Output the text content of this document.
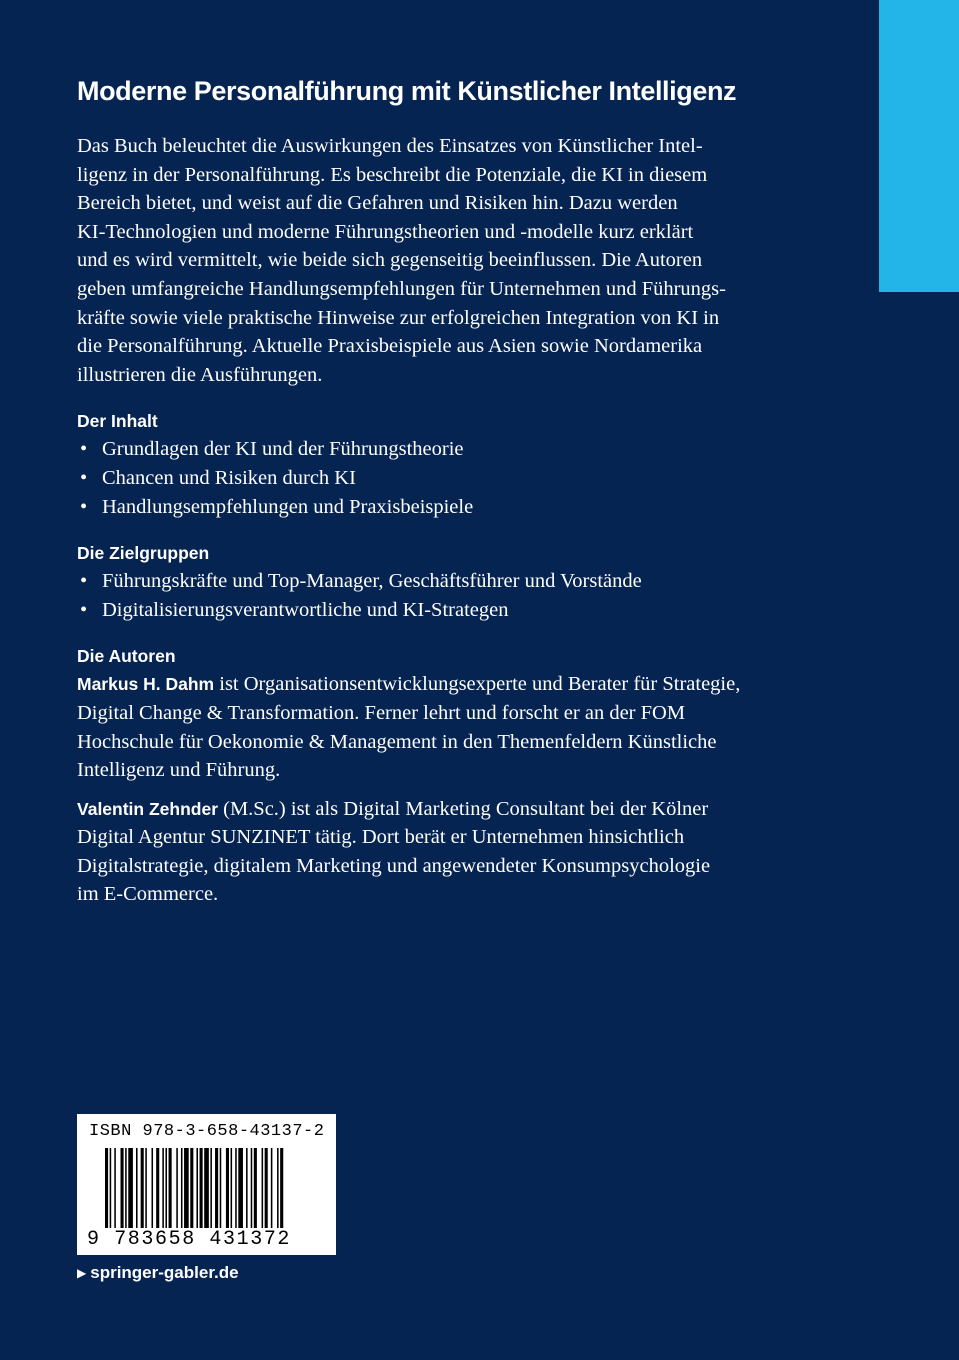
Moderne Personalführung mit Künstlicher Intelligenz
Das Buch beleuchtet die Auswirkungen des Einsatzes von Künstlicher Intel-
ligenz in der Personalführung. Es beschreibt die Potenziale, die KI in diesem
Bereich bietet, und weist auf die Gefahren und Risiken hin. Dazu werden
KI-Technologien und moderne Führungstheorien und -modelle kurz erklärt
und es wird vermittelt, wie beide sich gegenseitig beeinflussen. Die Autoren
geben umfangreiche Handlungsempfehlungen für Unternehmen und Führungs-
kräfte sowie viele praktische Hinweise zur erfolgreichen Integration von KI in
die Personalführung. Aktuelle Praxisbeispiele aus Asien sowie Nordamerika
illustrieren die Ausführungen.
Der Inhalt
• Grundlagen der KI und der Führungstheorie
• Chancen und Risiken durch KI
• Handlungsempfehlungen und Praxisbeispiele
Die Zielgruppen
• Führungskräfte und Top-Manager, Geschäftsführer und Vorstände
• Digitalisierungsverantwortliche und KI-Strategen
Die Autoren
Markus H. Dahm ist Organisationsentwicklungsexperte und Berater für Strategie,
Digital Change & Transformation. Ferner lehrt und forscht er an der FOM
Hochschule für Oekonomie & Management in den Themenfeldern Künstliche
Intelligenz und Führung.
Valentin Zehnder (M.Sc.) ist als Digital Marketing Consultant bei der Kölner
Digital Agentur SUNZINET tätig. Dort berät er Unternehmen hinsichtlich
Digitalstrategie, digitalem Marketing und angewendeter Konsumpsychologie
im E-Commerce.
ISBN 978-3-658-43137-2
9 783658 431372
▶ springer-gabler.de
